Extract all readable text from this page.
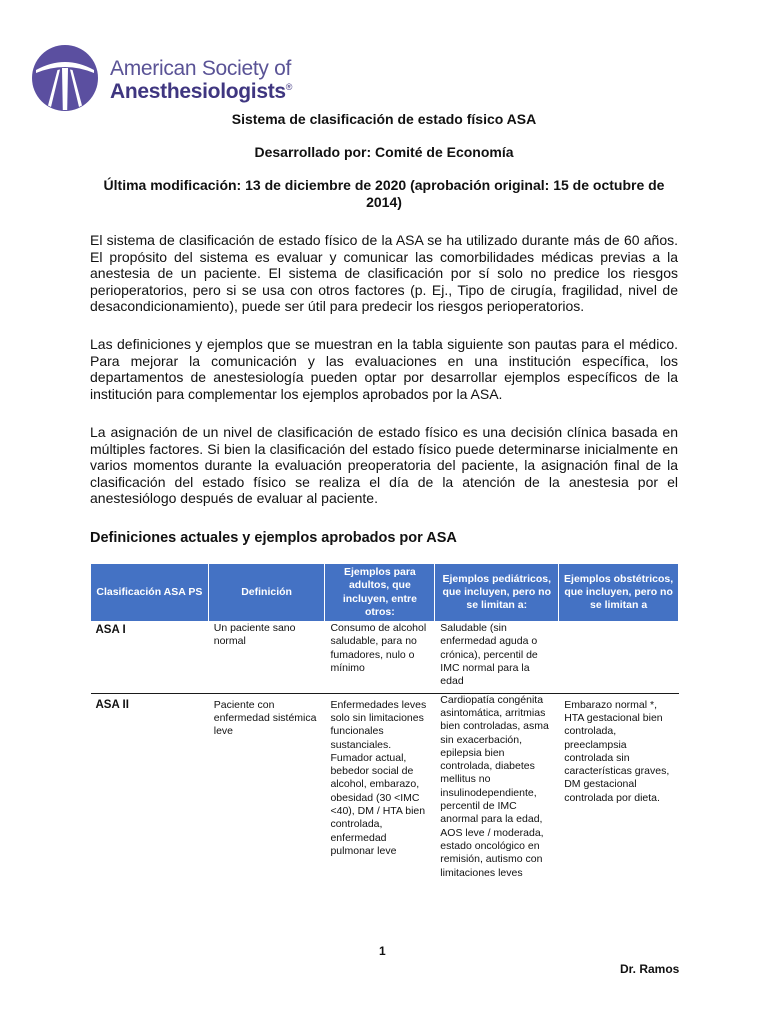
American Society of
Anesthesiologists®
Sistema de clasificación de estado físico ASA
Desarrollado por: Comité de Economía
Última modificación: 13 de diciembre de 2020 (aprobación original: 15 de octubre de 2014)
El sistema de clasificación de estado físico de la ASA se ha utilizado durante más de 60 años. El propósito del sistema es evaluar y comunicar las comorbilidades médicas previas a la anestesia de un paciente. El sistema de clasificación por sí solo no predice los riesgos perioperatorios, pero si se usa con otros factores (p. Ej., Tipo de cirugía, fragilidad, nivel de desacondicionamiento), puede ser útil para predecir los riesgos perioperatorios.
Las definiciones y ejemplos que se muestran en la tabla siguiente son pautas para el médico. Para mejorar la comunicación y las evaluaciones en una institución específica, los departamentos de anestesiología pueden optar por desarrollar ejemplos específicos de la institución para complementar los ejemplos aprobados por la ASA.
La asignación de un nivel de clasificación de estado físico es una decisión clínica basada en múltiples factores. Si bien la clasificación del estado físico puede determinarse inicialmente en varios momentos durante la evaluación preoperatoria del paciente, la asignación final de la clasificación del estado físico se realiza el día de la atención de la anestesia por el anestesiólogo después de evaluar al paciente.
Definiciones actuales y ejemplos aprobados por ASA
Clasificación ASA PS	Definición	Ejemplos para adultos, que incluyen, entre otros:	Ejemplos pediátricos, que incluyen, pero no se limitan a:	Ejemplos obstétricos, que incluyen, pero no se limitan a
ASA I	Un paciente sano normal	Consumo de alcohol saludable, para no fumadores, nulo o mínimo	Saludable (sin enfermedad aguda o crónica), percentil de IMC normal para la edad	
ASA II	Paciente con enfermedad sistémica leve	Enfermedades leves solo sin limitaciones funcionales sustanciales. Fumador actual, bebedor social de alcohol, embarazo, obesidad (30 <IMC <40), DM / HTA bien controlada, enfermedad pulmonar leve	Cardiopatía congénita asintomática, arritmias bien controladas, asma sin exacerbación, epilepsia bien controlada, diabetes mellitus no insulinodependiente, percentil de IMC anormal para la edad, AOS leve / moderada, estado oncológico en remisión, autismo con limitaciones leves	Embarazo normal *, HTA gestacional bien controlada, preeclampsia controlada sin características graves, DM gestacional controlada por dieta.
1
Dr. Ramos
